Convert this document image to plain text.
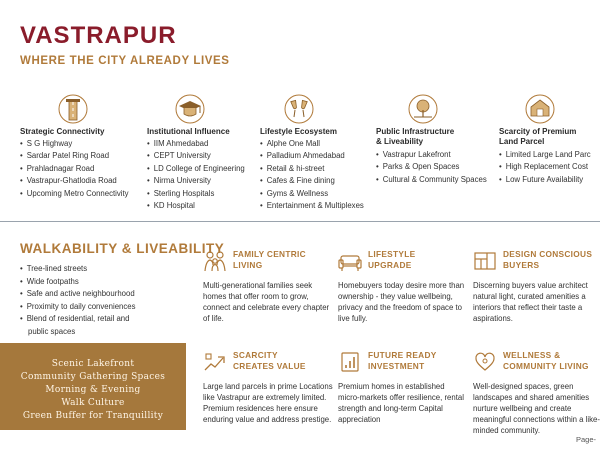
VASTRAPUR
WHERE THE CITY ALREADY LIVES
Strategic Connectivity
• S G Highway
• Sardar Patel Ring Road
• Prahladnagar Road
• Vastrapur-Ghatlodia Road
• Upcoming Metro Connectivity
Institutional Influence
• IIM Ahmedabad
• CEPT University
• LD College of Engineering
• Nirma University
• Sterling Hospitals
• KD Hospital
Lifestyle Ecosystem
• Alphe One Mall
• Palladium Ahmedabad
• Retail & hi-street
• Cafes & Fine dining
• Gyms & Wellness
• Entertainment & Multiplexes
Public Infrastructure
& Liveability
• Vastrapur Lakefront
• Parks & Open Spaces
• Cultural & Community Spaces
Scarcity of Premium
Land Parcel
• Limited Large Land Parc
• High Replacement Cost
• Low Future Availability
WALKABILITY & LIVEABILITY
• Tree-lined streets
• Wide footpaths
• Safe and active neighbourhood
• Proximity to daily conveniences
• Blend of residential, retail and public spaces
Scenic Lakefront
Community Gathering Spaces
Morning & Evening
Walk Culture
Green Buffer for Tranquillity
FAMILY CENTRIC
LIVING

Multi-generational families seek homes that offer room to grow, connect and celebrate every chapter of life.

LIFESTYLE
UPGRADE

Homebuyers today desire more than ownership - they value wellbeing, privacy and the freedom of space to live fully.

DESIGN CONSCIOUS
BUYERS

Discerning buyers value architect natural light, curated amenities a interiors that reflect their taste a aspirations.

SCARCITY
CREATES VALUE

Large land parcels in prime Locations like Vastrapur are extremely limited. Premium residences here ensure enduring value and address prestige.

FUTURE READY
INVESTMENT

Premium homes in established micro-markets offer resilience, rental strength and long-term Capital appreciation

WELLNESS &
COMMUNITY LIVING

Well-designed spaces, green landscapes and shared amenities nurture wellbeing and create meaningful connections within a like-minded community.

Page-
